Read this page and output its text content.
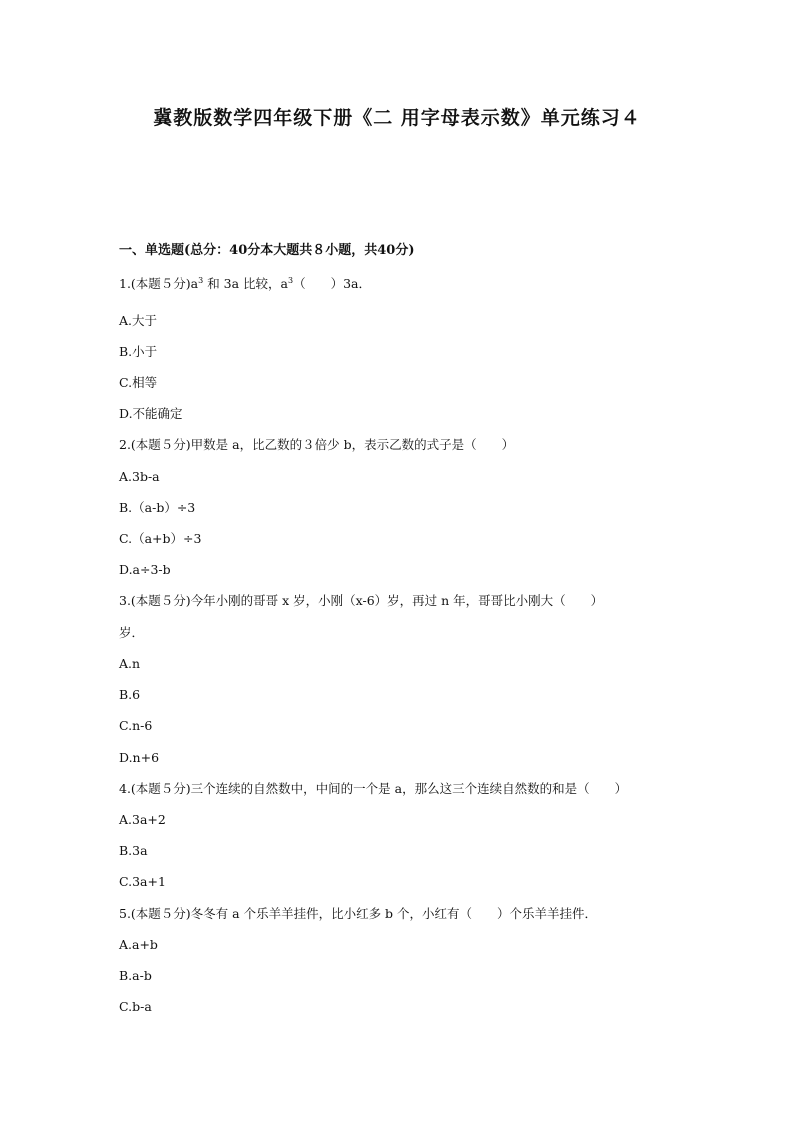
冀教版数学四年级下册《二 用字母表示数》单元练习４

一、单选题(总分：40分本大题共８小题，共40分)

1.(本题５分)$a^3$ 和 3a 比较，$a^3$（　　）3a．

A.大于

B.小于

C.相等

D.不能确定

2.(本题５分)甲数是 a，比乙数的３倍少 b，表示乙数的式子是（　　）

A.3b-a

B.（a-b）÷3

C.（a+b）÷3

D.a÷3-b

3.(本题５分)今年小刚的哥哥 x 岁，小刚（x-6）岁，再过 n 年，哥哥比小刚大（　　）

岁．

A.n

B.6

C.n-6

D.n+6

4.(本题５分)三个连续的自然数中，中间的一个是 a，那么这三个连续自然数的和是（　　）

A.3a+2

B.3a

C.3a+1

5.(本题５分)冬冬有 a 个乐羊羊挂件，比小红多 b 个，小红有（　　）个乐羊羊挂件．

A.a+b

B.a-b

C.b-a
